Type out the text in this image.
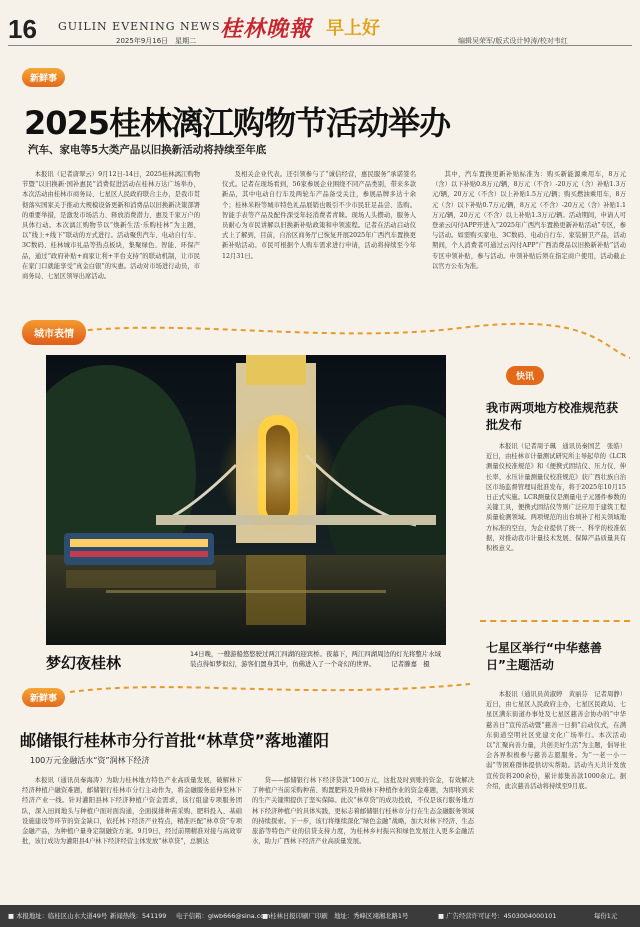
16 GUILIN EVENING NEWS 桂林晚報 早上好
2025年9月16日　星期二	编辑吴荣军/版式设计钟涛/校对韦红
新鲜事
2025桂林漓江购物节活动举办
汽车、家电等5大类产品以旧换新活动将持续至年底

本报讯（记者唐翠云）9月12日-14日，2025桂林漓江购物节暨“以旧换新·国补惠民”消费促进活动在桂林万达广场举办，本次活动由桂林市商务局、七星区人民政府联合主办，是我市贯彻落实国家关于推动大规模设备更新和消费品以旧换新决策部署的重要举措，是激发市场活力、释放消费潜力、惠及千家万户的具体行动。本次漓江购物节以“焕新生活·乐购桂林”为主题，以“线上+线下”联动的方式进行。活动聚焦汽车、电动自行车、3C数码、桂林城市礼品等热点板块，集聚绿色、智能、环保产品，通过“政府补贴+商家让利+平台支持”的联动机制，让市民在家门口就能享受“真金白银”的实惠。活动对市场进行动员，市商务局、七星区领导出席活动。

及相关企业代表。还引领参与了“诚信经营，惠民服务”承诺签名仪式。记者在现场看到，56家参展企业围绕不同产品类别，带来多款新品，其中电动自行车及两轮车产品备受关注，参展品牌多达十余个；桂林米粉等城市特色礼品展销也吸引不少市民驻足品尝、选购。智能手表等产品及配件深受年轻消费者青睐。现场人头攒动，服务人员耐心为市民讲解以旧换新补贴政策和申领流程。记者在活动启动仪式上了解到，目前，自治区商务厅已恢复开展2025年广西汽车置换更新补贴活动。市民可根据个人购车需求进行申请，活动将持续至今年12月31日。

其中，汽车置换更新补贴标准为：购买新能源乘用车，8万元（含）以下补贴0.8万元/辆，8万元（不含）-20万元（含）补贴1.3万元/辆，20万元（不含）以上补贴1.5万元/辆；购买燃油乘用车，8万元（含）以下补贴0.7万元/辆，8万元（不含）-20万元（含）补贴1.1万元/辆，20万元（不含）以上补贴1.3万元/辆。活动期间，申请人可登录云闪付APP开进入“2025年广西汽车置换更新补贴活动”专区，参与活动。如需购买家电、3C数码、电动自行车、家装厨卫产品，活动期间，个人消费者可通过云闪付APP“广西消费品以旧换新补贴”活动专区申领补贴，参与活动。申领补贴后须在指定商户使用，活动截止以官方公布为准。

城市表情
梦幻夜桂林	14日晚，一艘游船悠悠驶过两江四湖的迎宾桥。夜幕下，两江四湖周边的灯光将整片水域装点得如梦似幻，游客们置身其中，仿佛进入了一个奇幻的世界。　　　记者滕嘉　摄
快讯
我市两项地方校准规范获批发布

本报讯（记者周子珮　通讯员秦国艺　张皓）近日，由桂林市计量测试研究所主导起草的《LCR测量仪校准规范》和《便携式固结仪、压力仪、伸长率、水压计量测量仪校准规范》获广西壮族自治区市场监督管理局批准发布，将于2025年10月15日正式实施。LCR测量仪是测量电子元器件参数的关键工具，便携式固结仪等则广泛应用于建筑工程质量检测领域。两项规范的出台填补了相关领域地方标准的空白，为企业提供了统一、科学的校准依据，对推动我市计量技术发展、保障产品质量具有积极意义。

七星区举行“中华慈善日”主题活动

本报讯（通讯员黄淑婷　黄丽芬　记者周静）近日，由七星区人民政府主办，七星区民政局、七星区满东街道办事处及七星区慈善会协办的“中华慈善日”宣传活动暨“慈善一日捐”启动仪式，在满东街道空明社区党建文化广场举行。本次活动以“汇聚向善力量，共创美好生活”为主题，倡导社会各界积极参与慈善志愿服务。为“一老一小一弱”等困难群体提供切实帮助。活动当天共计发放宣传资料200余份，累计募集善款1000余元。据介绍，此次慈善活动将持续至9月底。

新鲜事
邮储银行桂林市分行首批“林草贷”落地灌阳
100万元金融活水“资”润林下经济

本报讯（通讯员秦海涛）为助力桂林地方特色产业高质量发展，破解林下经济种植户融资难题，邮储银行桂林市分行主动作为，将金融服务延伸至林下经济产业一线。针对灌阳县林下经济种植户资金需求，该行组建专项服务团队，深入田间地头与种植户面对面沟通，全面摸排种苗采购、肥料投入、基础设施建设等环节的资金缺口，依托林下经济产业特点，精准匹配“林草贷”专项金融产品，为种植户量身定制融资方案。9月9日，经过前期精准对接与高效审批，该行成功为灌阳县4户林下经济经营主体发放“林草贷”，总额达

贷——邮储银行林下经济贷款”100万元，这批及时到账的资金，有效解决了种植户当前采购种苗、购置肥料及升级林下种植作业的资金难题，为即将到来的生产关键期提供了坚实保障。此次“林草贷”的成功投放，不仅是该行服务地方林下经济种植户的具体实践，更标志着邮储银行桂林市分行在生态金融服务领域的持续探索。下一步，该行将继续深化“绿色金融”战略，加大对林下经济、生态旅游等特色产业的信贷支持力度，为桂林乡村振兴和绿色发展注入更多金融活水，助力广西林下经济产业高质量发展。

■ 本报地址：临桂区山水大道49号 新闻热线：541199 电子信箱：glwb666@sina.com
■ 桂林日报印刷厂印刷　地址：秀峰区翊湘北路1号	■ 广告经营许可证号：4503004000101	每份1元
